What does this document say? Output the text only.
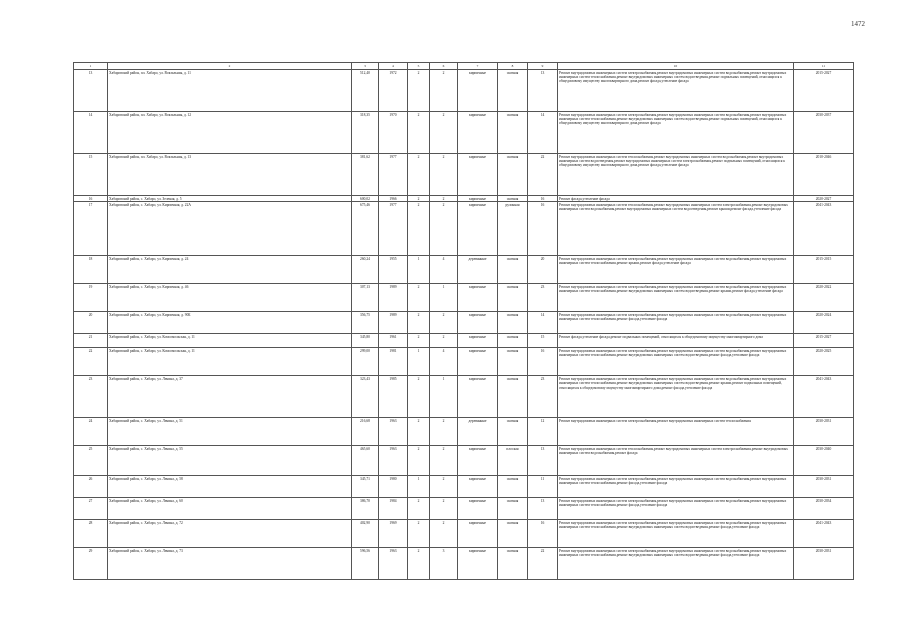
1472
1	2	3	4	5	6	7	8	9	10	11
13	Хабаровский район, пл. Хабаро, ул. Вокзальная, д. 11	512,40	1972	2	2	кирпичные	скатная	13	Ремонт внутридомовых инженерных систем электроснабжения,ремонт внутридомовых инженерных систем водоснабжения,ремонт внутридомовых инженерных систем теплоснабжения,ремонт внутридомовых инженерных систем водоотведения,ремонт подвальных помещений, относящихся к общедомовому имуществу многоквартирного дома,ремонт фасада,утепление фасада	2015-2027
14	Хабаровский район, пл. Хабаро, ул. Вокзальная, д. 12	318,35	1970	2	2	кирпичные	скатная	14	Ремонт внутридомовых инженерных систем электроснабжения,ремонт внутридомовых инженерных систем водоснабжения,ремонт внутридомовых инженерных систем теплоснабжения,ремонт внутридомовых инженерных систем водоотведения,ремонт подвальных помещений, относящихся к общедомовому имуществу многоквартирного дома,ремонт фасада	2030-2037
15	Хабаровский район, пл. Хабаро, ул. Вокзальная, д. 13	381,62	1977	2	2	кирпичные	скатная	22	Ремонт внутридомовых инженерных систем теплоснабжения,ремонт внутридомовых инженерных систем водоснабжения,ремонт внутридомовых инженерных систем водоотведения,ремонт внутридомовых инженерных систем электроснабжения,ремонт подвальных помещений, относящихся к общедомовому имуществу многоквартирного дома,ремонт фасада,утепление фасада	2010-2046
16	Хабаровский район, с. Хабаро, ул. Зеленая, д. 5	600,02	1966	2	2	кирпичные	скатная	16	Ремонт фасада,утепление фасада	2020-2027
17	Хабаровский район, с. Хабаро, ул. Кирпичная, д. 22А	675,46	1977	2	2	кирпичные	рулонная	16	Ремонт внутридомовых инженерных систем теплоснабжения,ремонт внутридомовых инженерных систем электроснабжения,ремонт внутридомовых инженерных систем водоснабжения,ремонт внутридомовых инженерных систем водоотведения,ремонт крыши,ремонт фасада,утепление фасада	2041-2043
18	Хабаровский район, с. Хабаро, ул. Кирпичная, д. 24	260,24	1955	1	4	деревянные	скатная	20	Ремонт внутридомовых инженерных систем электроснабжения,ремонт внутридомовых инженерных систем водоснабжения,ремонт внутридомовых инженерных систем теплоснабжения,ремонт крыши,ремонт фасада,утепление фасада	2015-2015
19	Хабаровский район, с. Хабаро, ул. Кирпичная, д. 46	307,13	1989	2	1	кирпичные	скатная	23	Ремонт внутридомовых инженерных систем электроснабжения,ремонт внутридомовых инженерных систем водоснабжения,ремонт внутридомовых инженерных систем теплоснабжения,ремонт внутридомовых инженерных систем водоотведения,ремонт крыши,ремонт фасада,утепление фасада	2020-2022
20	Хабаровский район, с. Хабаро, ул. Кирпичная, д. 90Б	356,75	1989	2	2	кирпичные	скатная	14	Ремонт внутридомовых инженерных систем электроснабжения,ремонт внутридомовых инженерных систем водоснабжения,ремонт внутридомовых инженерных систем теплоснабжения,ремонт фасада,утепление фасада	2020-2024
21	Хабаровский район, с. Хабаро, ул. Комсомольская, д. 11	345,80	1961	2	2	кирпичные	скатная	15	Ремонт фасада,утепление фасада,ремонт подвальных помещений, относящихся к общедомовому имуществу многоквартирного дома	2015-2027
22	Хабаровский район, с. Хабаро, ул. Комсомольская, д. 11	299,00	1981	1	4	кирпичные	скатная	16	Ремонт внутридомовых инженерных систем электроснабжения,ремонт внутридомовых инженерных систем водоснабжения,ремонт внутридомовых инженерных систем теплоснабжения,ремонт внутридомовых инженерных систем водоотведения,ремонт фасада,утепление фасада	2020-2025
23	Хабаровский район, с. Хабаро, ул. Ленина, д. 37	323,43	1985	2	1	кирпичные	скатная	23	Ремонт внутридомовых инженерных систем электроснабжения,ремонт внутридомовых инженерных систем водоснабжения,ремонт внутридомовых инженерных систем теплоснабжения,ремонт внутридомовых инженерных систем водоотведения,ремонт крыши,ремонт подвальных помещений, относящихся к общедомовому имуществу многоквартирного дома,ремонт фасада,утепление фасада	2041-2043
24	Хабаровский район, с. Хабаро, ул. Ленина, д. 51	216,68	1963	2	2	деревянные	скатная	12	Ремонт внутридомовых инженерных систем электроснабжения,ремонт внутридомовых инженерных систем теплоснабжения	2030-2031
25	Хабаровский район, с. Хабаро, ул. Ленина, д. 55	465,60	1963	2	2	кирпичные	плоская	13	Ремонт внутридомовых инженерных систем теплоснабжения,ремонт внутридомовых инженерных систем электроснабжения,ремонт внутридомовых инженерных систем водоснабжения,ремонт фасада	2030-2040
26	Хабаровский район, с. Хабаро, ул. Ленина, д. 58	345,71	1980	1	2	кирпичные	скатная	11	Ремонт внутридомовых инженерных систем электроснабжения,ремонт внутридомовых инженерных систем водоснабжения,ремонт внутридомовых инженерных систем теплоснабжения,ремонт фасада,утепление фасада	2030-2031
27	Хабаровский район, с. Хабаро, ул. Ленина, д. 60	386,70	1984	2	2	кирпичные	скатная	13	Ремонт внутридомовых инженерных систем электроснабжения,ремонт внутридомовых инженерных систем водоснабжения,ремонт внутридомовых инженерных систем теплоснабжения,ремонт фасада,утепление фасада	2030-2034
28	Хабаровский район, с. Хабаро, ул. Ленина, д. 72	402,90	1969	2	2	кирпичные	скатная	16	Ремонт внутридомовых инженерных систем электроснабжения,ремонт внутридомовых инженерных систем водоснабжения,ремонт внутридомовых инженерных систем теплоснабжения,ремонт внутридомовых инженерных систем водоотведения,ремонт фасада,утепление фасада	2041-2043
29	Хабаровский район, с. Хабаро, ул. Ленина, д. 73	596,56	1963	2	3	кирпичные	скатная	22	Ремонт внутридомовых инженерных систем электроснабжения,ремонт внутридомовых инженерных систем водоснабжения,ремонт внутридомовых инженерных систем теплоснабжения,ремонт внутридомовых инженерных систем водоотведения,ремонт фасада,утепление фасада	2030-2031
